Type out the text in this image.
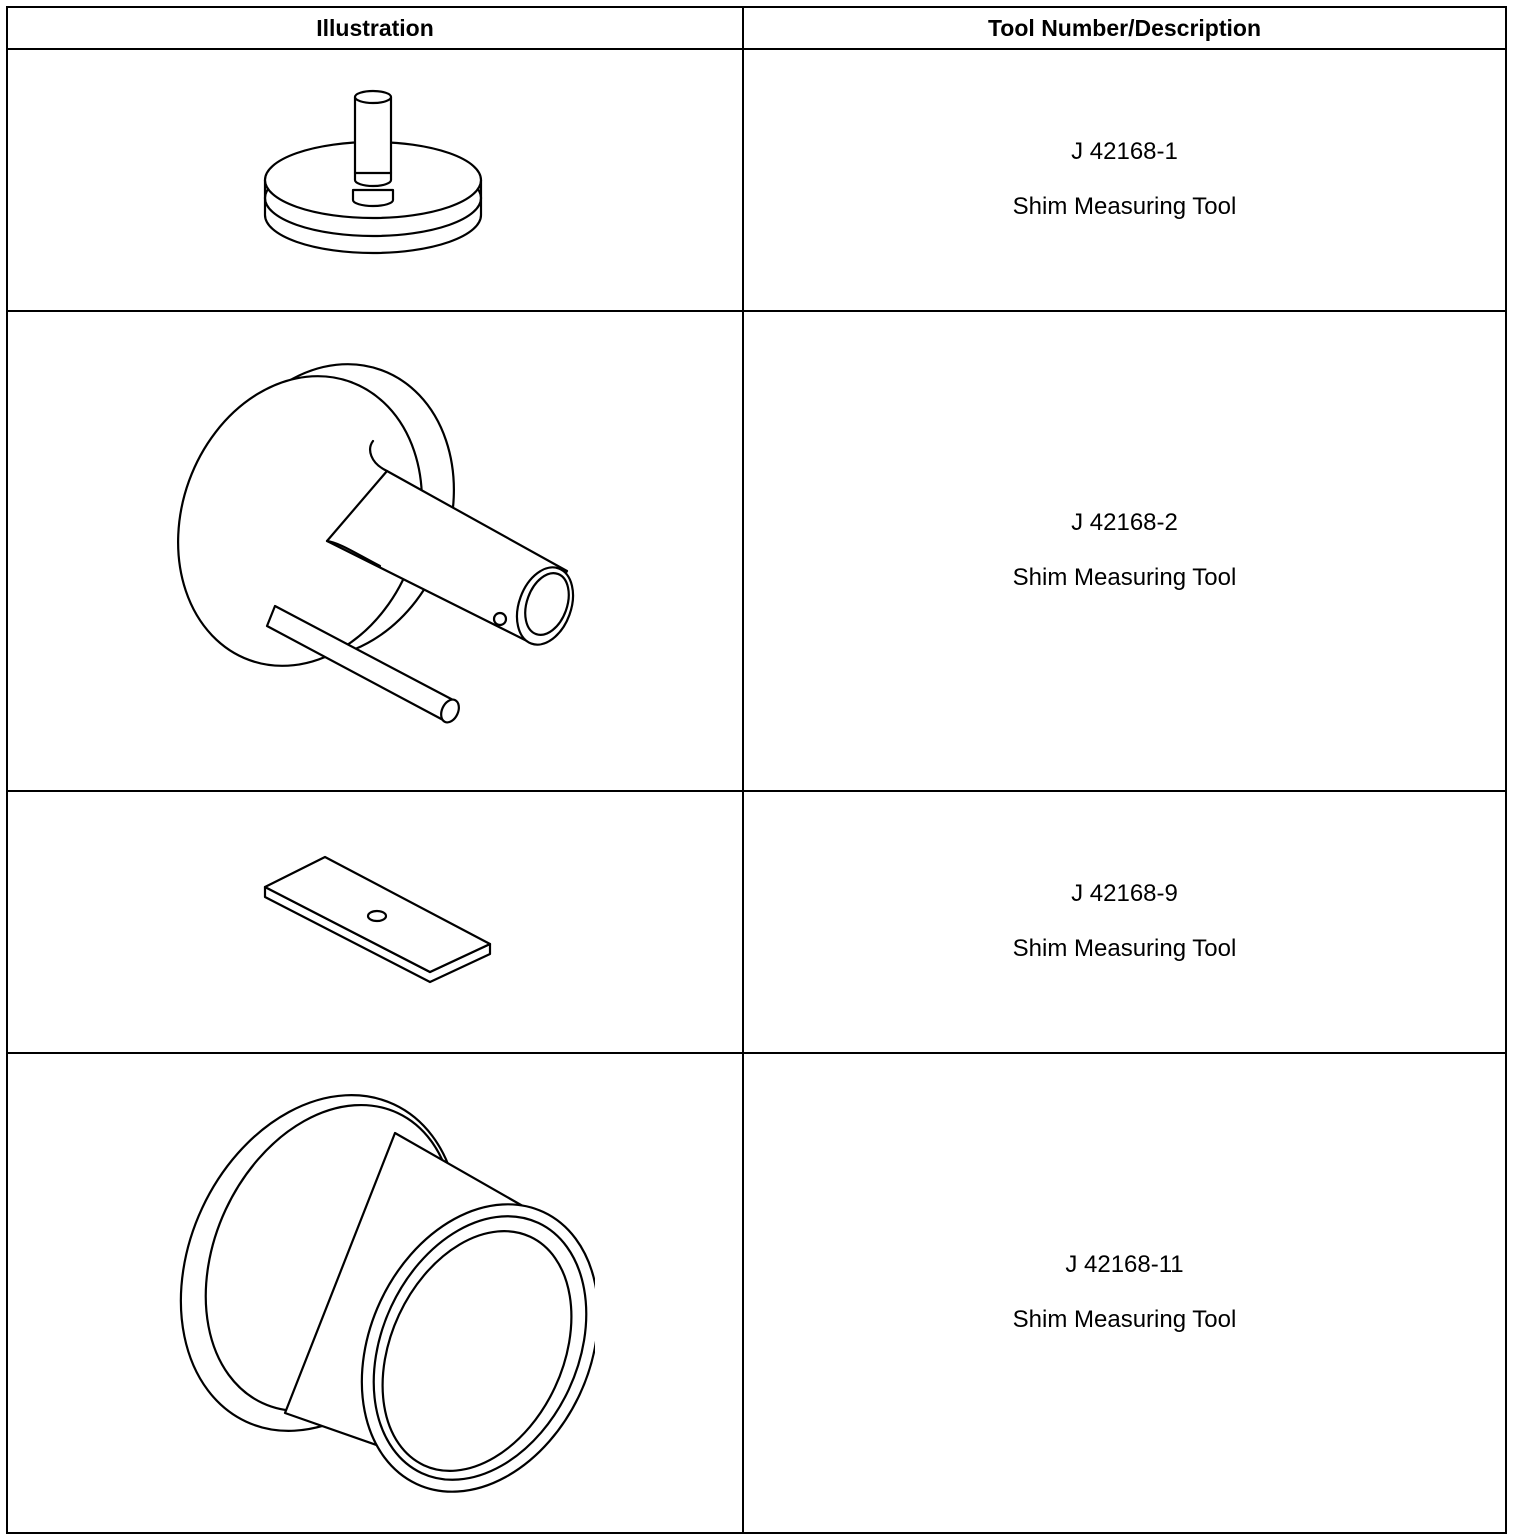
Illustration	Tool Number/Description

J 42168-1
Shim Measuring Tool

J 42168-2
Shim Measuring Tool

J 42168-9
Shim Measuring Tool

J 42168-11
Shim Measuring Tool
